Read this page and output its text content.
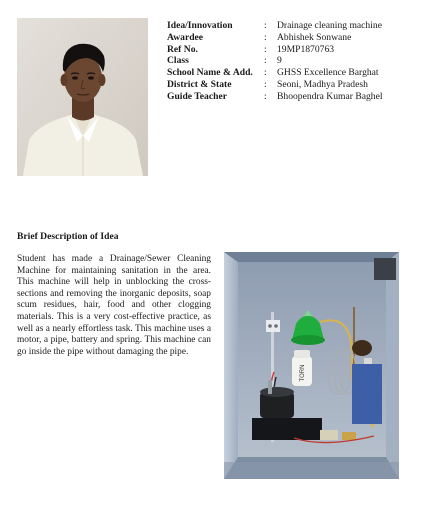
Idea/Innovation	:	Drainage cleaning machine
Awardee	:	Abhishek Sonwane
Ref No.	:	19MP1870763
Class	:	9
School Name & Add.	:	GHSS Excellence Barghat
District & State	:	Seoni, Madhya Pradesh
Guide Teacher	:	Bhoopendra Kumar Baghel
Brief Description of Idea

Student has made a Drainage/Sewer Cleaning Machine for maintaining sanitation in the area. This machine will help in unblocking the cross-sections and removing the inorganic deposits, soap scum residues, hair, food and other clogging materials. This is a very cost-effective practice, as well as a nearly effortless task. This machine uses a motor, a pipe, battery and spring. This machine can go inside the pipe without damaging the pipe.

TORN
